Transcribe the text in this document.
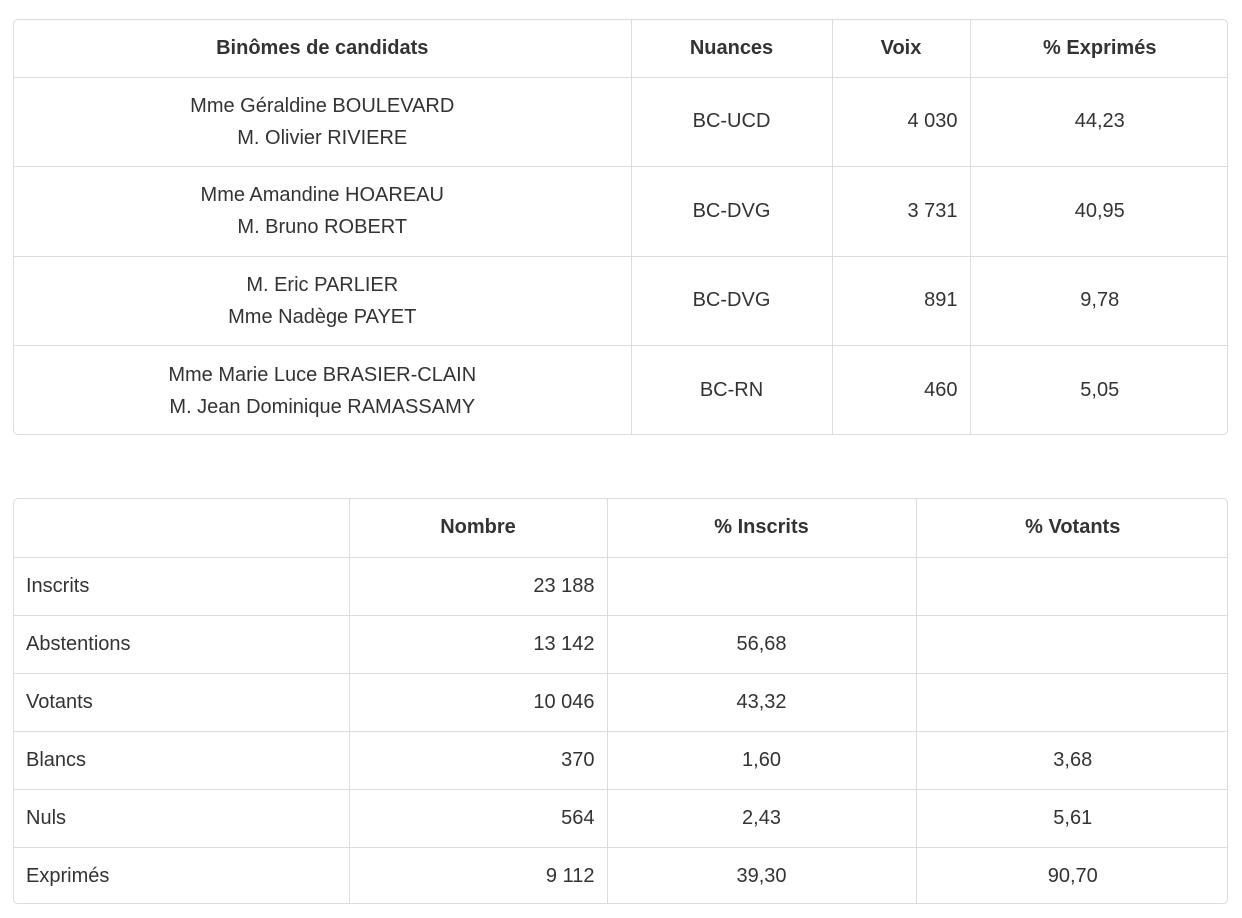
Binômes de candidats	Nuances	Voix	% Exprimés

Mme Géraldine BOULEVARD
M. Olivier RIVIERE	BC-UCD	4 030	44,23

Mme Amandine HOAREAU
M. Bruno ROBERT	BC-DVG	3 731	40,95

M. Eric PARLIER
Mme Nadège PAYET	BC-DVG	891	9,78

Mme Marie Luce BRASIER-CLAIN
M. Jean Dominique RAMASSAMY	BC-RN	460	5,05
	Nombre	% Inscrits	% Votants
Inscrits	23 188		
Abstentions	13 142	56,68	
Votants	10 046	43,32	
Blancs	370	1,60	3,68
Nuls	564	2,43	5,61
Exprimés	9 112	39,30	90,70
